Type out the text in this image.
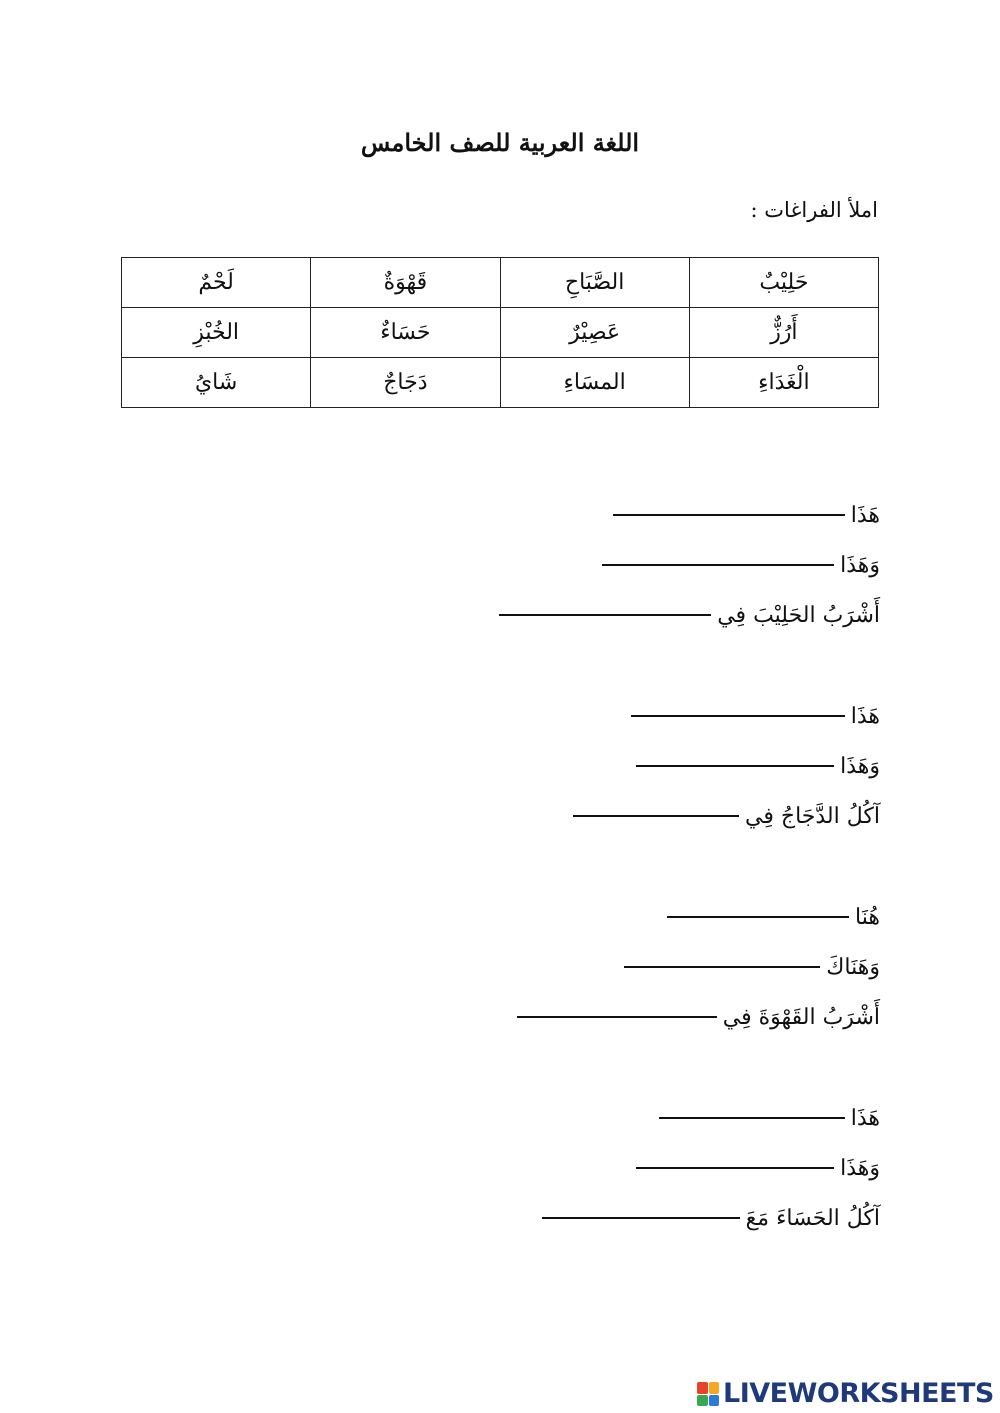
اللغة العربية للصف الخامس
املأ الفراغات :
حَلِيْبٌ	الصَّبَاحِ	قَهْوَةٌ	لَحْمٌ
أَرُزٌّ	عَصِيْرٌ	حَسَاءٌ	الخُبْزِ
الْغَدَاءِ	المسَاءِ	دَجَاجٌ	شَايُ
هَذَا
وَهَذَا
أَشْرَبُ الحَلِيْبَ فِي
هَذَا
وَهَذَا
آكُلُ الدَّجَاجُ فِي
هُنَا
وَهَنَاكَ
أَشْرَبُ القَهْوَةَ فِي
هَذَا
وَهَذَا
آكُلُ الحَسَاءَ مَعَ
LIVEWORKSHEETS
